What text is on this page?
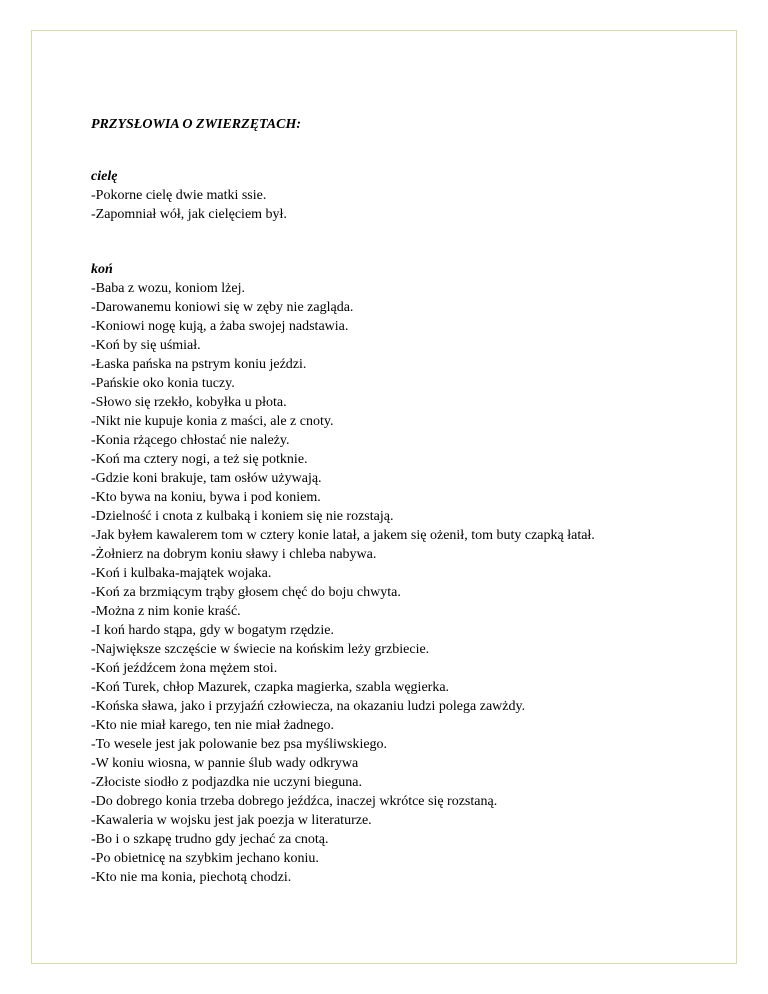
PRZYSŁOWIA O ZWIERZĘTACH:

cielę
-Pokorne cielę dwie matki ssie.
-Zapomniał wół, jak cielęciem był.
koń
-Baba z wozu, koniom lżej.
-Darowanemu koniowi się w zęby nie zagląda.
-Koniowi nogę kują, a żaba swojej nadstawia.
-Koń by się uśmiał.
-Łaska pańska na pstrym koniu jeździ.
-Pańskie oko konia tuczy.
-Słowo się rzekło, kobyłka u płota.
-Nikt nie kupuje konia z maści, ale z cnoty.
-Konia rżącego chłostać nie należy.
-Koń ma cztery nogi, a też się potknie.
-Gdzie koni brakuje, tam osłów używają.
-Kto bywa na koniu, bywa i pod koniem.
-Dzielność i cnota z kulbaką i koniem się nie rozstają.
-Jak byłem kawalerem tom w cztery konie latał, a jakem się ożenił, tom buty czapką łatał.
-Żołnierz na dobrym koniu sławy i chleba nabywa.
-Koń i kulbaka-majątek wojaka.
-Koń za brzmiącym trąby głosem chęć do boju chwyta.
-Można z nim konie kraść.
-I koń hardo stąpa, gdy w bogatym rzędzie.
-Największe szczęście w świecie na końskim leży grzbiecie.
-Koń jeźdźcem żona mężem stoi.
-Koń Turek, chłop Mazurek, czapka magierka, szabla węgierka.
-Końska sława, jako i przyjaźń człowiecza, na okazaniu ludzi polega zawżdy.
-Kto nie miał karego, ten nie miał żadnego.
-To wesele jest jak polowanie bez psa myśliwskiego.
-W koniu wiosna, w pannie ślub wady odkrywa
-Złociste siodło z podjazdka nie uczyni bieguna.
-Do dobrego konia trzeba dobrego jeźdźca, inaczej wkrótce się rozstaną.
-Kawaleria w wojsku jest jak poezja w literaturze.
-Bo i o szkapę trudno gdy jechać za cnotą.
-Po obietnicę na szybkim jechano koniu.
-Kto nie ma konia, piechotą chodzi.
